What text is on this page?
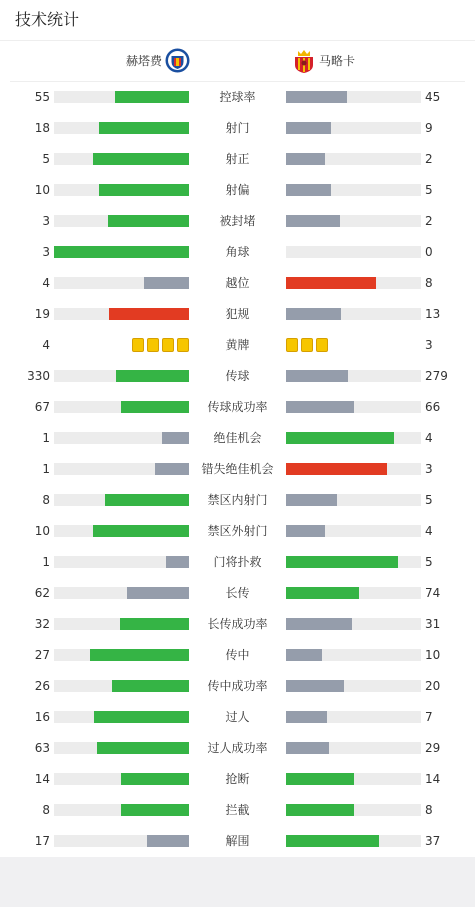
技术统计
赫塔费	马略卡
55	控球率	45
18	射门	9
5	射正	2
10	射偏	5
3	被封堵	2
3	角球	0
4	越位	8
19	犯规	13
4	黄牌	3
330	传球	279
67	传球成功率	66
1	绝佳机会	4
1	错失绝佳机会	3
8	禁区内射门	5
10	禁区外射门	4
1	门将扑救	5
62	长传	74
32	长传成功率	31
27	传中	10
26	传中成功率	20
16	过人	7
63	过人成功率	29
14	抢断	14
8	拦截	8
17	解围	37
